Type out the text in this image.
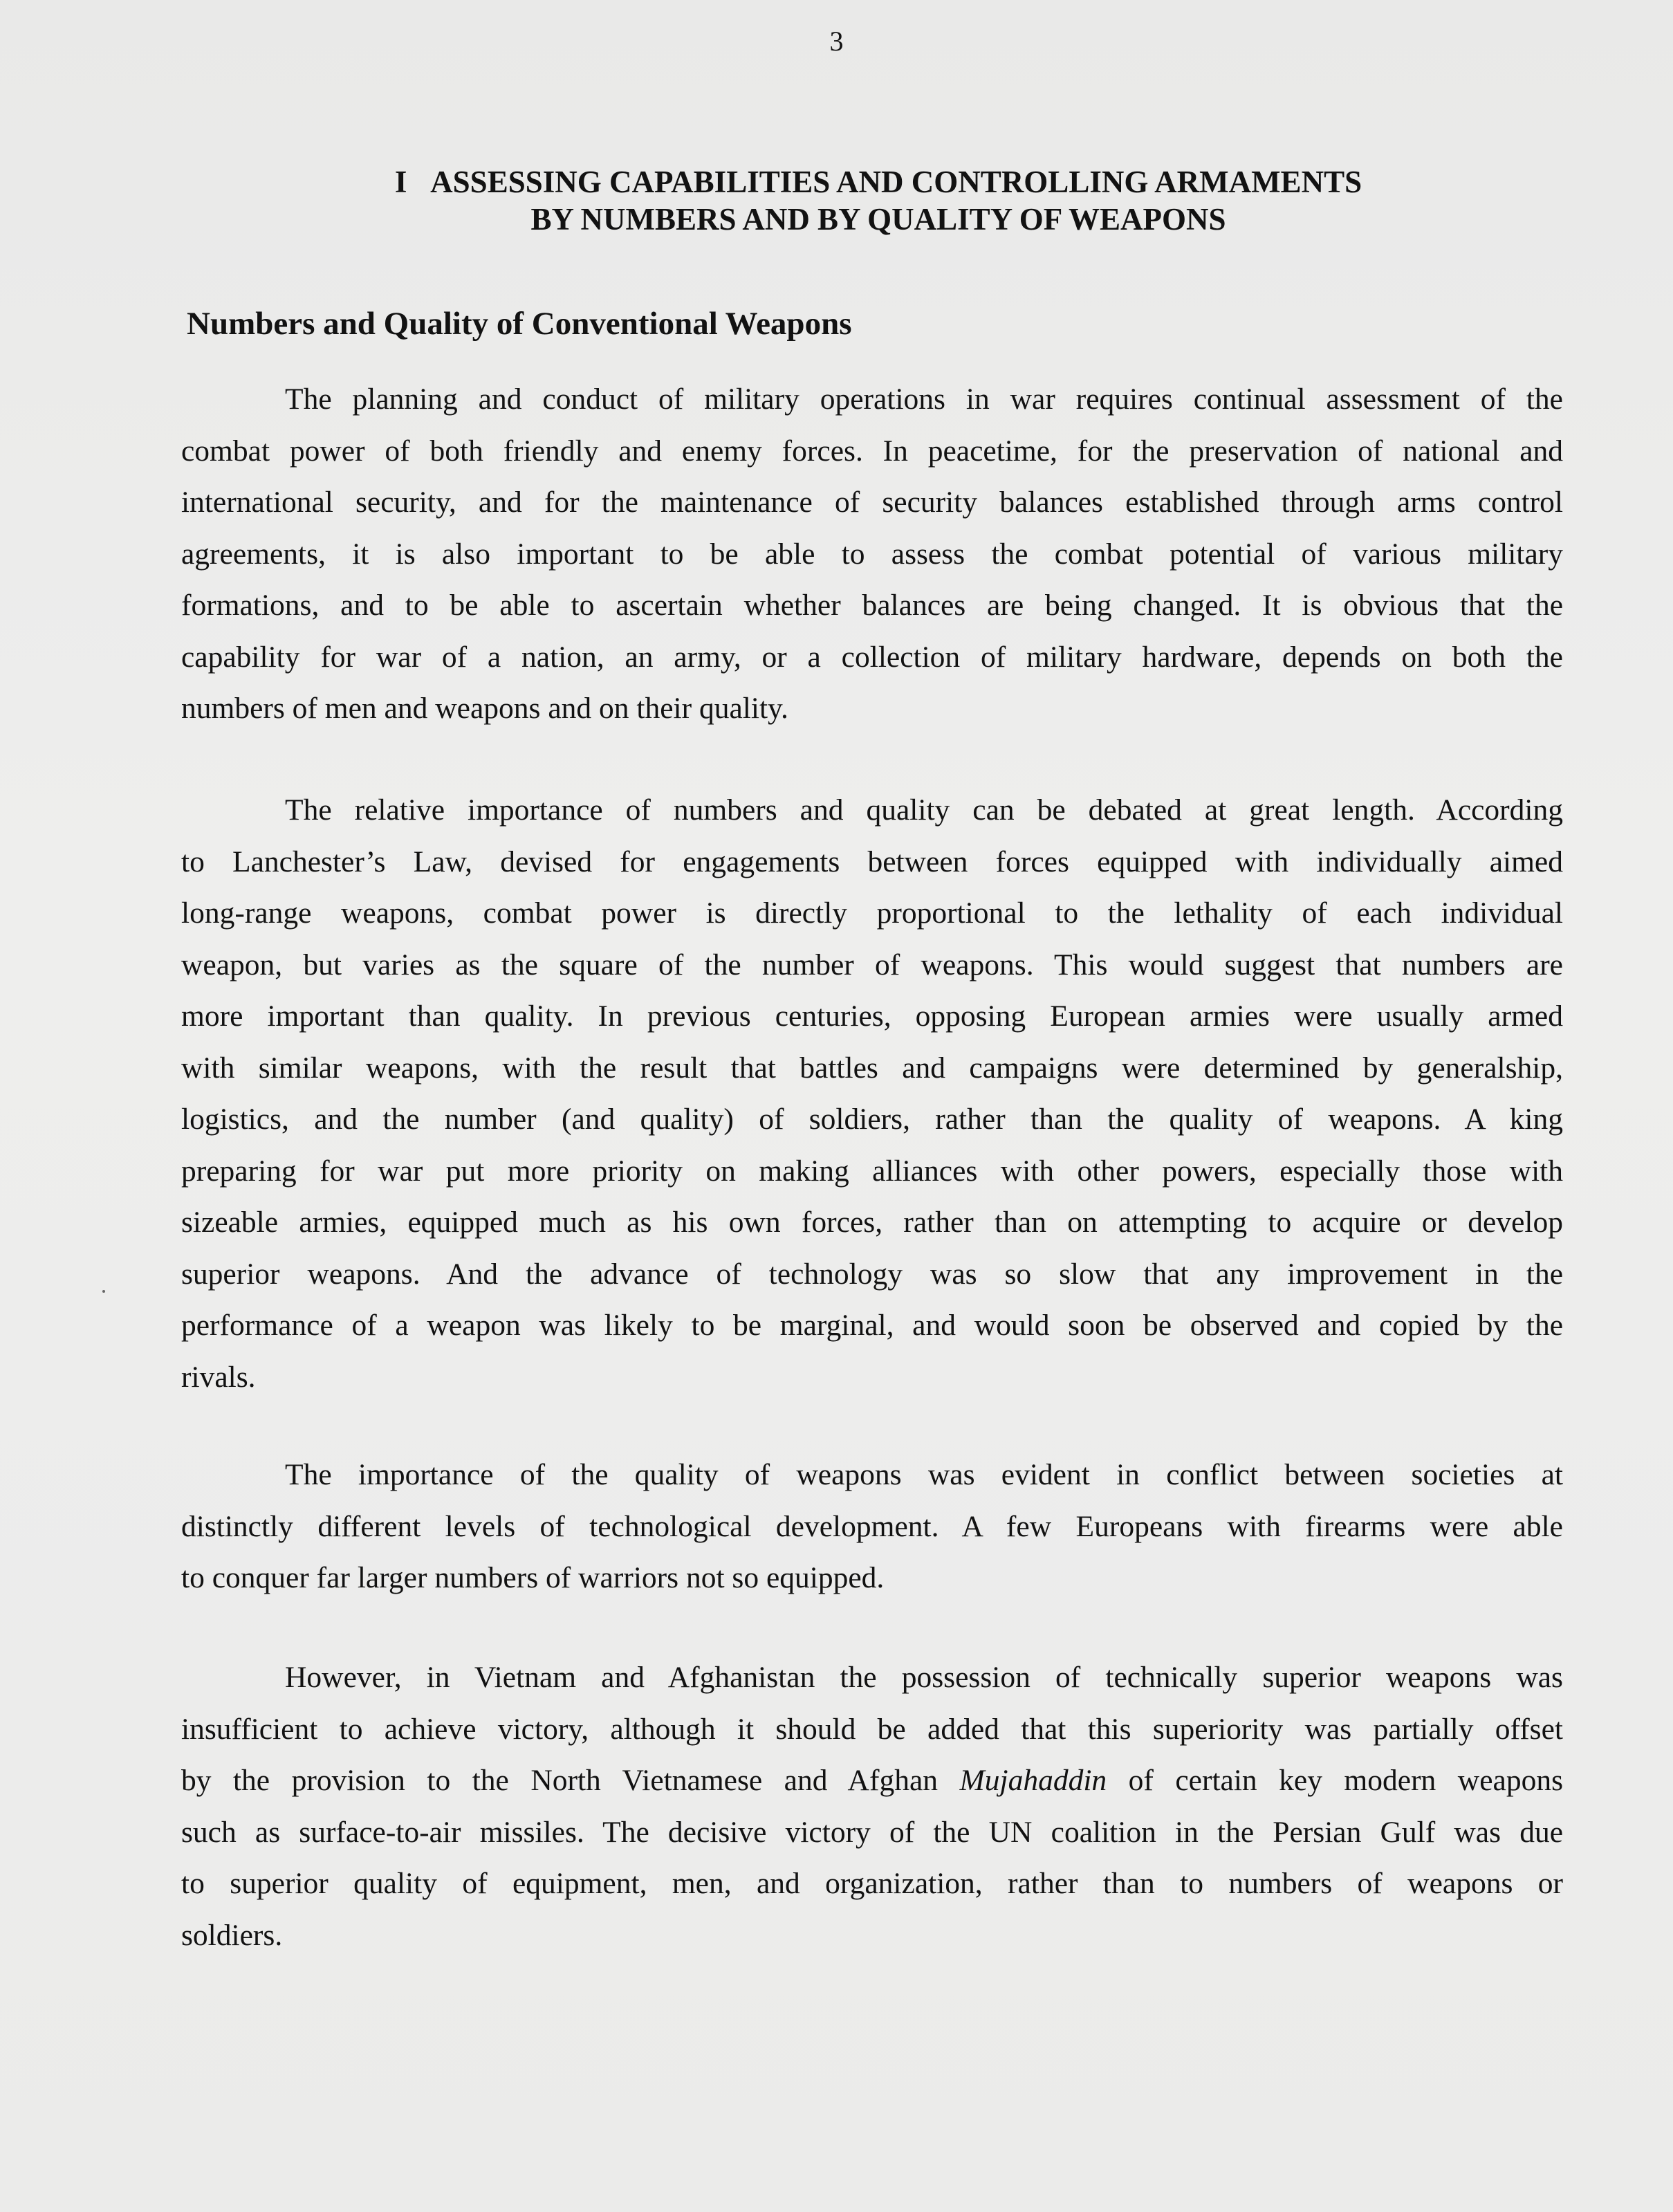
3
I ASSESSING CAPABILITIES AND CONTROLLING ARMAMENTS
BY NUMBERS AND BY QUALITY OF WEAPONS
Numbers and Quality of Conventional Weapons
The planning and conduct of military operations in war requires continual assessment of the
combat power of both friendly and enemy forces. In peacetime, for the preservation of national and
international security, and for the maintenance of security balances established through arms control
agreements, it is also important to be able to assess the combat potential of various military
formations, and to be able to ascertain whether balances are being changed. It is obvious that the
capability for war of a nation, an army, or a collection of military hardware, depends on both the
numbers of men and weapons and on their quality.
The relative importance of numbers and quality can be debated at great length. According
to Lanchester’s Law, devised for engagements between forces equipped with individually aimed
long-range weapons, combat power is directly proportional to the lethality of each individual
weapon, but varies as the square of the number of weapons. This would suggest that numbers are
more important than quality. In previous centuries, opposing European armies were usually armed
with similar weapons, with the result that battles and campaigns were determined by generalship,
logistics, and the number (and quality) of soldiers, rather than the quality of weapons. A king
preparing for war put more priority on making alliances with other powers, especially those with
sizeable armies, equipped much as his own forces, rather than on attempting to acquire or develop
superior weapons. And the advance of technology was so slow that any improvement in the
performance of a weapon was likely to be marginal, and would soon be observed and copied by the
rivals.
The importance of the quality of weapons was evident in conflict between societies at
distinctly different levels of technological development. A few Europeans with firearms were able
to conquer far larger numbers of warriors not so equipped.
However, in Vietnam and Afghanistan the possession of technically superior weapons was
insufficient to achieve victory, although it should be added that this superiority was partially offset
by the provision to the North Vietnamese and Afghan Mujahaddin of certain key modern weapons
such as surface-to-air missiles. The decisive victory of the UN coalition in the Persian Gulf was due
to superior quality of equipment, men, and organization, rather than to numbers of weapons or
soldiers.
